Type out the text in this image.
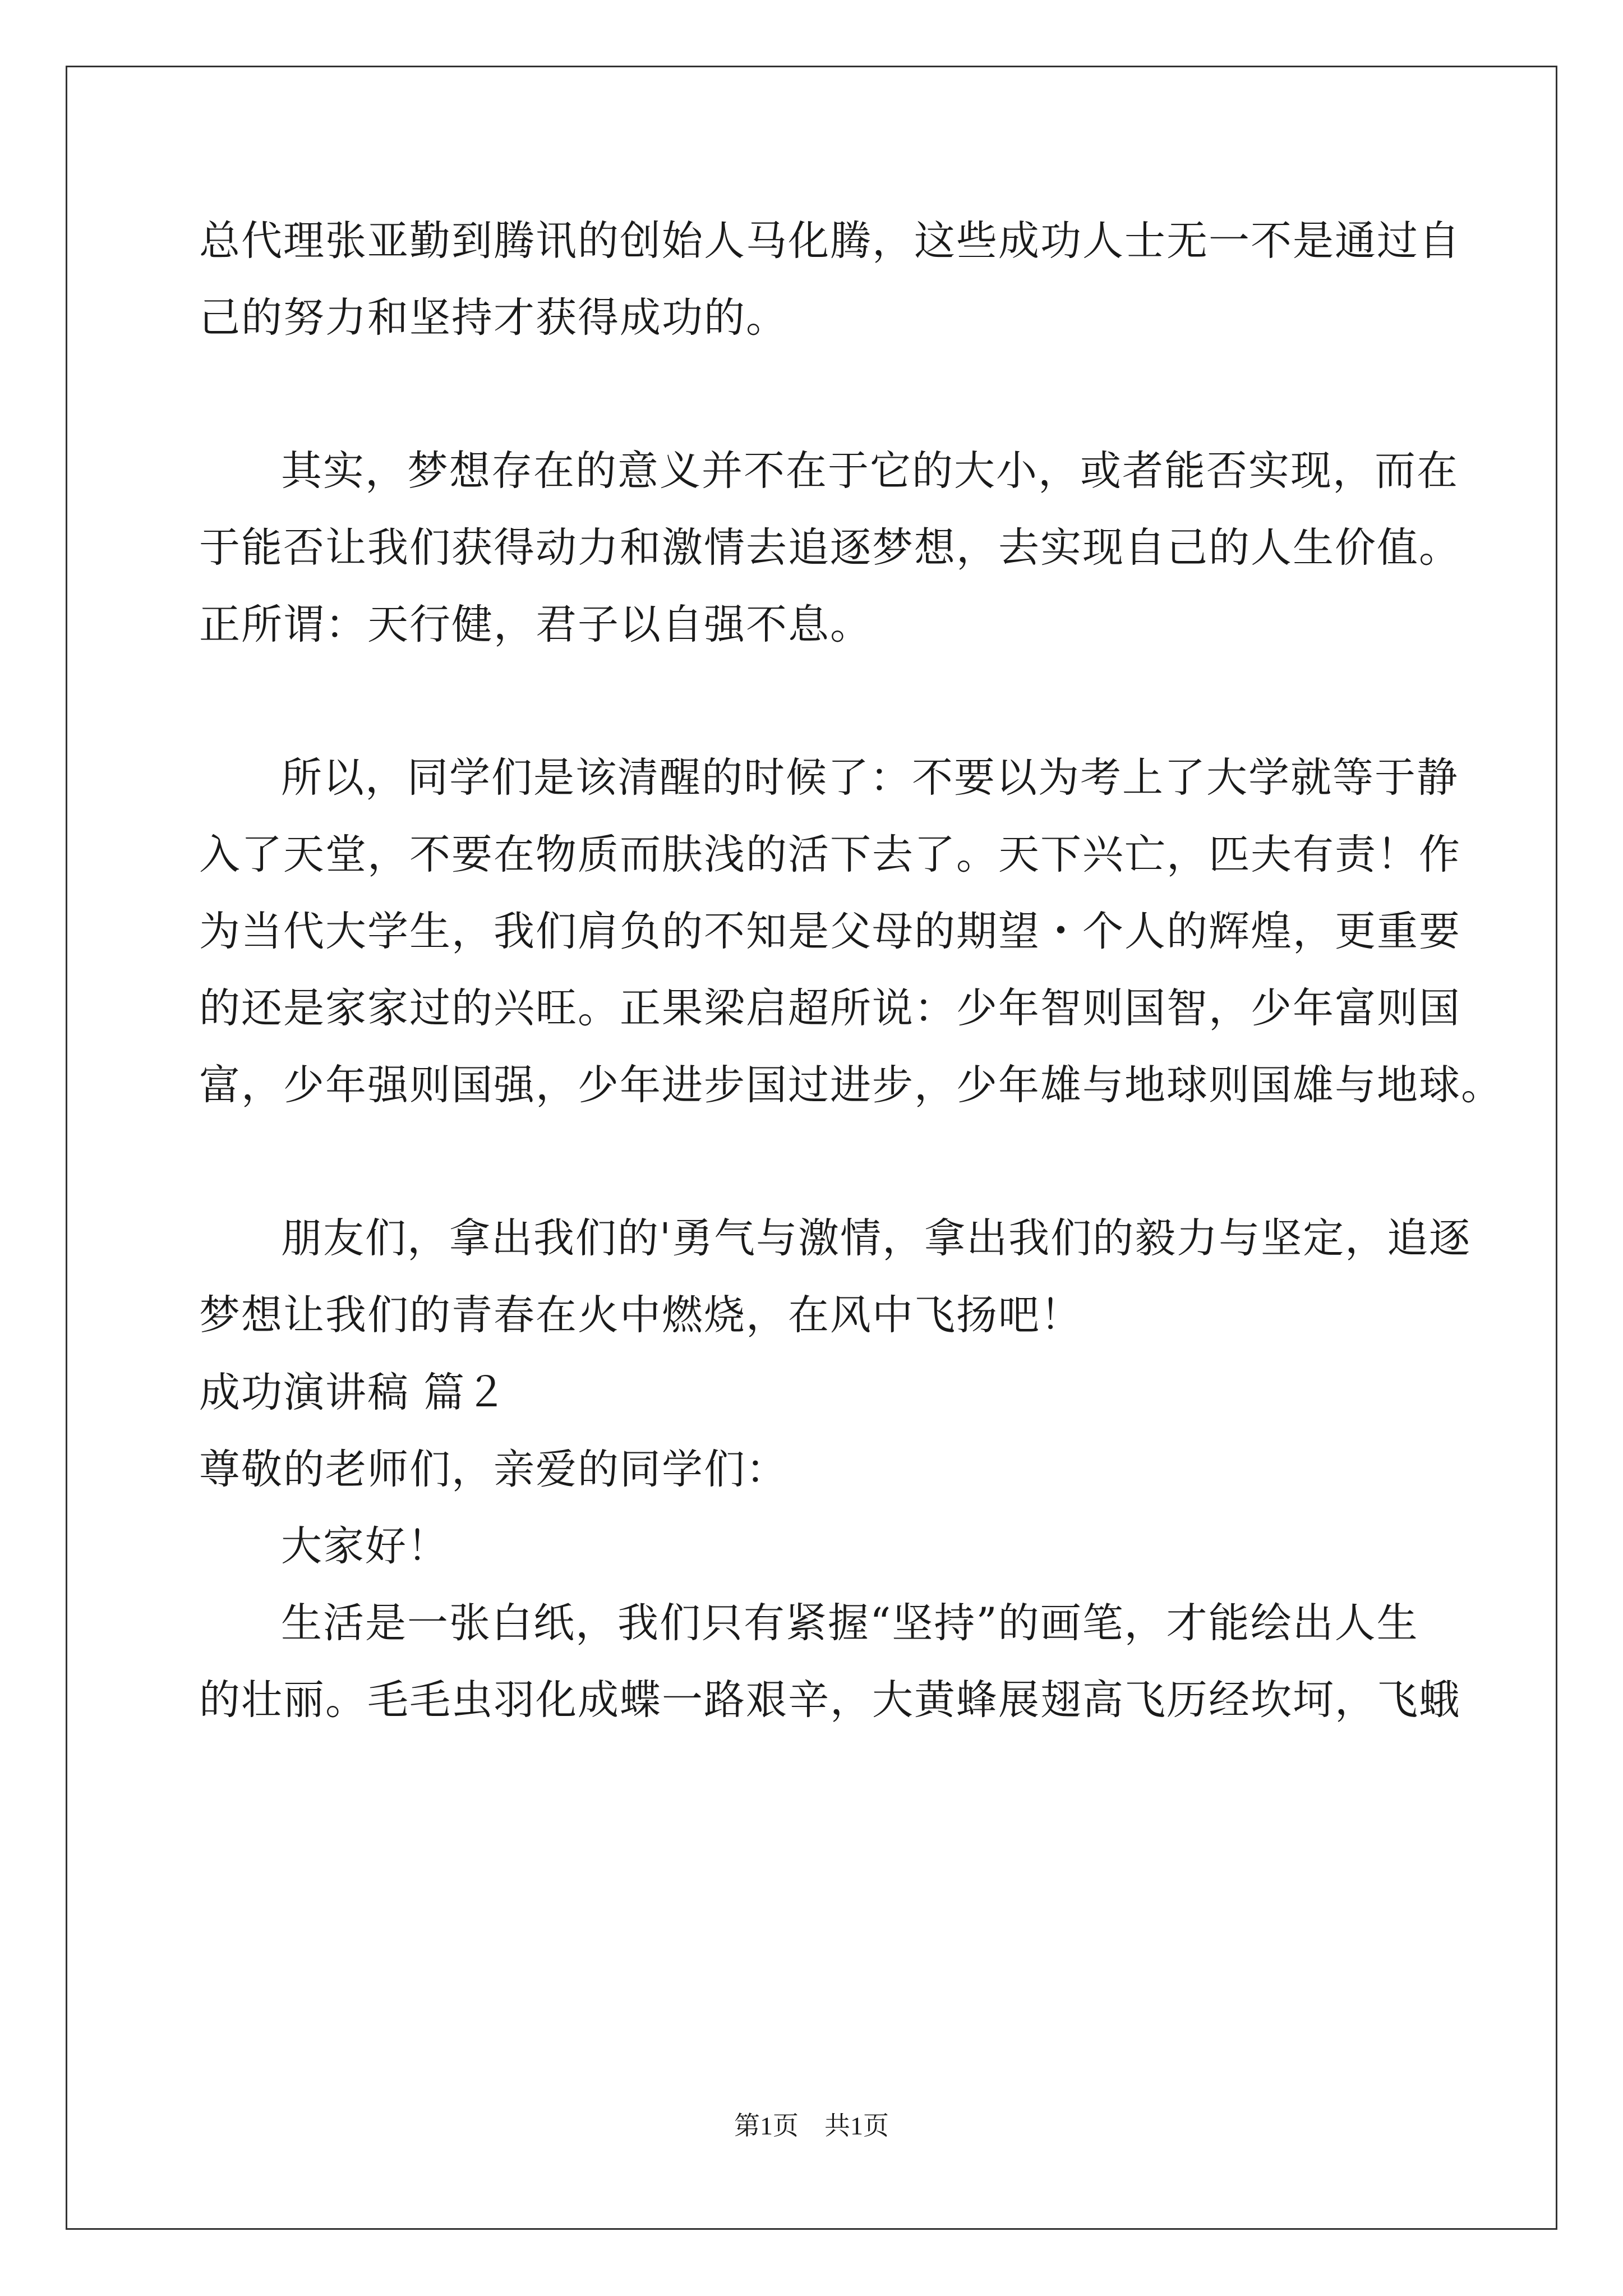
总代理张亚勤到腾讯的创始人马化腾，这些成功人士无一不是通过自
己的努力和坚持才获得成功的。
其实，梦想存在的意义并不在于它的大小，或者能否实现，而在
于能否让我们获得动力和激情去追逐梦想，去实现自己的人生价值。
正所谓：天行健，君子以自强不息。
所以，同学们是该清醒的时候了：不要以为考上了大学就等于静
入了天堂，不要在物质而肤浅的活下去了。天下兴亡，匹夫有责！作
为当代大学生，我们肩负的不知是父母的期望・个人的辉煌，更重要
的还是家家过的兴旺。正果梁启超所说：少年智则国智，少年富则国
富，少年强则国强，少年进步国过进步，少年雄与地球则国雄与地球。
朋友们，拿出我们的'勇气与激情，拿出我们的毅力与坚定，追逐
梦想让我们的青春在火中燃烧，在风中飞扬吧！
成功演讲稿 篇２
尊敬的老师们，亲爱的同学们：
大家好！
生活是一张白纸，我们只有紧握“坚持”的画笔，才能绘出人生
的壮丽。毛毛虫羽化成蝶一路艰辛，大黄蜂展翅高飞历经坎坷，飞蛾
第1页　共1页
